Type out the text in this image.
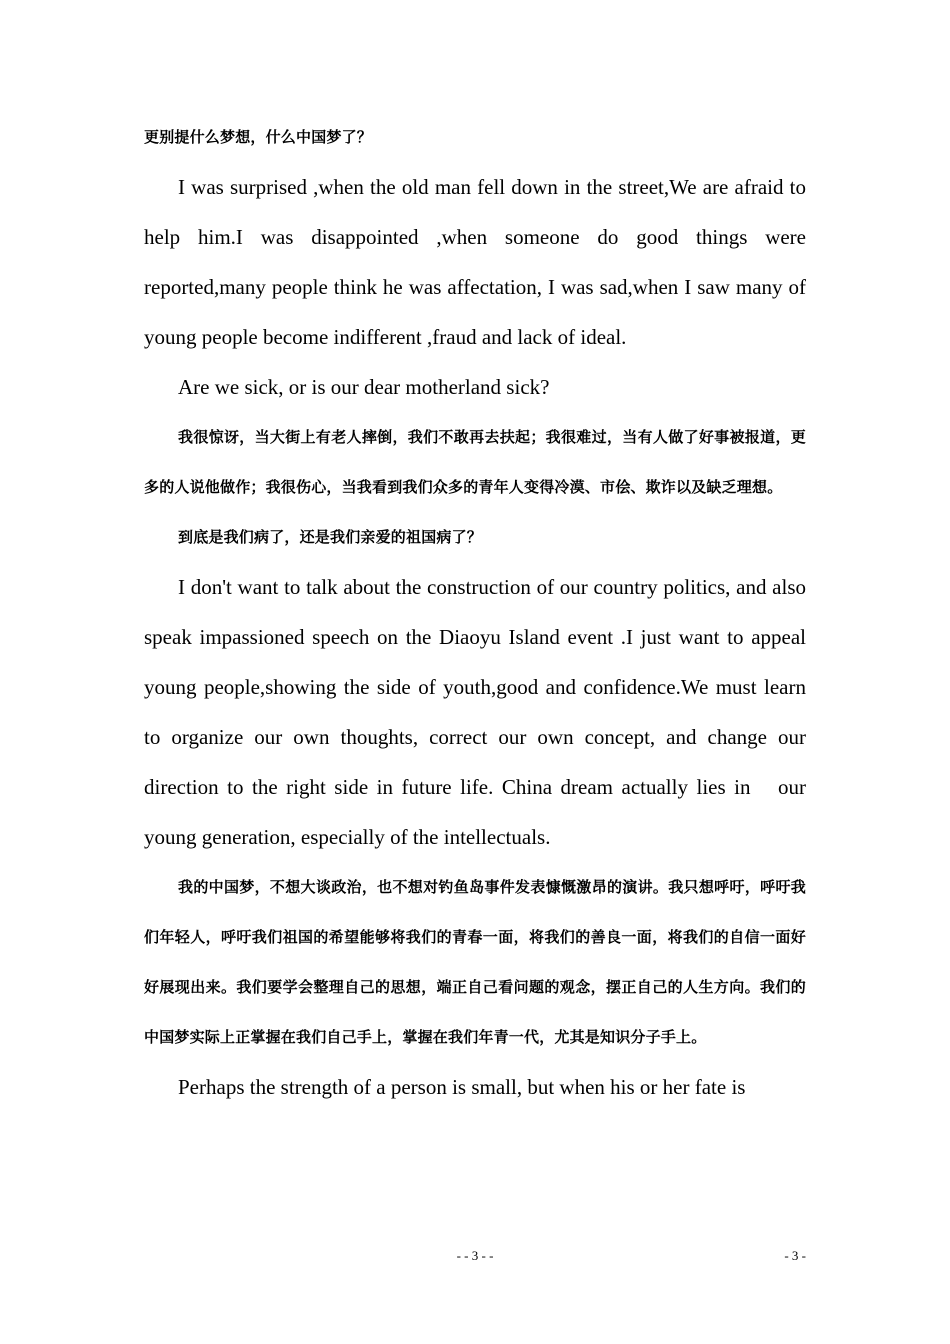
更别提什么梦想，什么中国梦了？

I was surprised ,when the old man fell down in the street,We are afraid to help him.I was disappointed ,when someone do good things were reported,many people think he was affectation, I was sad,when I saw many of young people become indifferent ,fraud and lack of ideal.

Are we sick, or is our dear motherland sick?

我很惊讶，当大街上有老人摔倒，我们不敢再去扶起；我很难过，当有人做了好事被报道，更多的人说他做作；我很伤心，当我看到我们众多的青年人变得冷漠、市侩、欺诈以及缺乏理想。

到底是我们病了，还是我们亲爱的祖国病了？

I don't want to talk about the construction of our country politics, and also speak impassioned speech on the Diaoyu Island event .I just want to appeal young people,showing the side of youth,good and confidence.We must learn to organize our own thoughts, correct our own concept, and change our direction to the right side in future life. China dream actually lies in　our young generation, especially of the intellectuals.

我的中国梦，不想大谈政治，也不想对钓鱼岛事件发表慷慨激昂的演讲。我只想呼吁，呼吁我们年轻人，呼吁我们祖国的希望能够将我们的青春一面，将我们的善良一面，将我们的自信一面好好展现出来。我们要学会整理自己的思想，端正自己看问题的观念，摆正自己的人生方向。我们的中国梦实际上正掌握在我们自己手上，掌握在我们年青一代，尤其是知识分子手上。

Perhaps the strength of a person is small, but when his or her fate is

- - 3 - -	- 3 -
